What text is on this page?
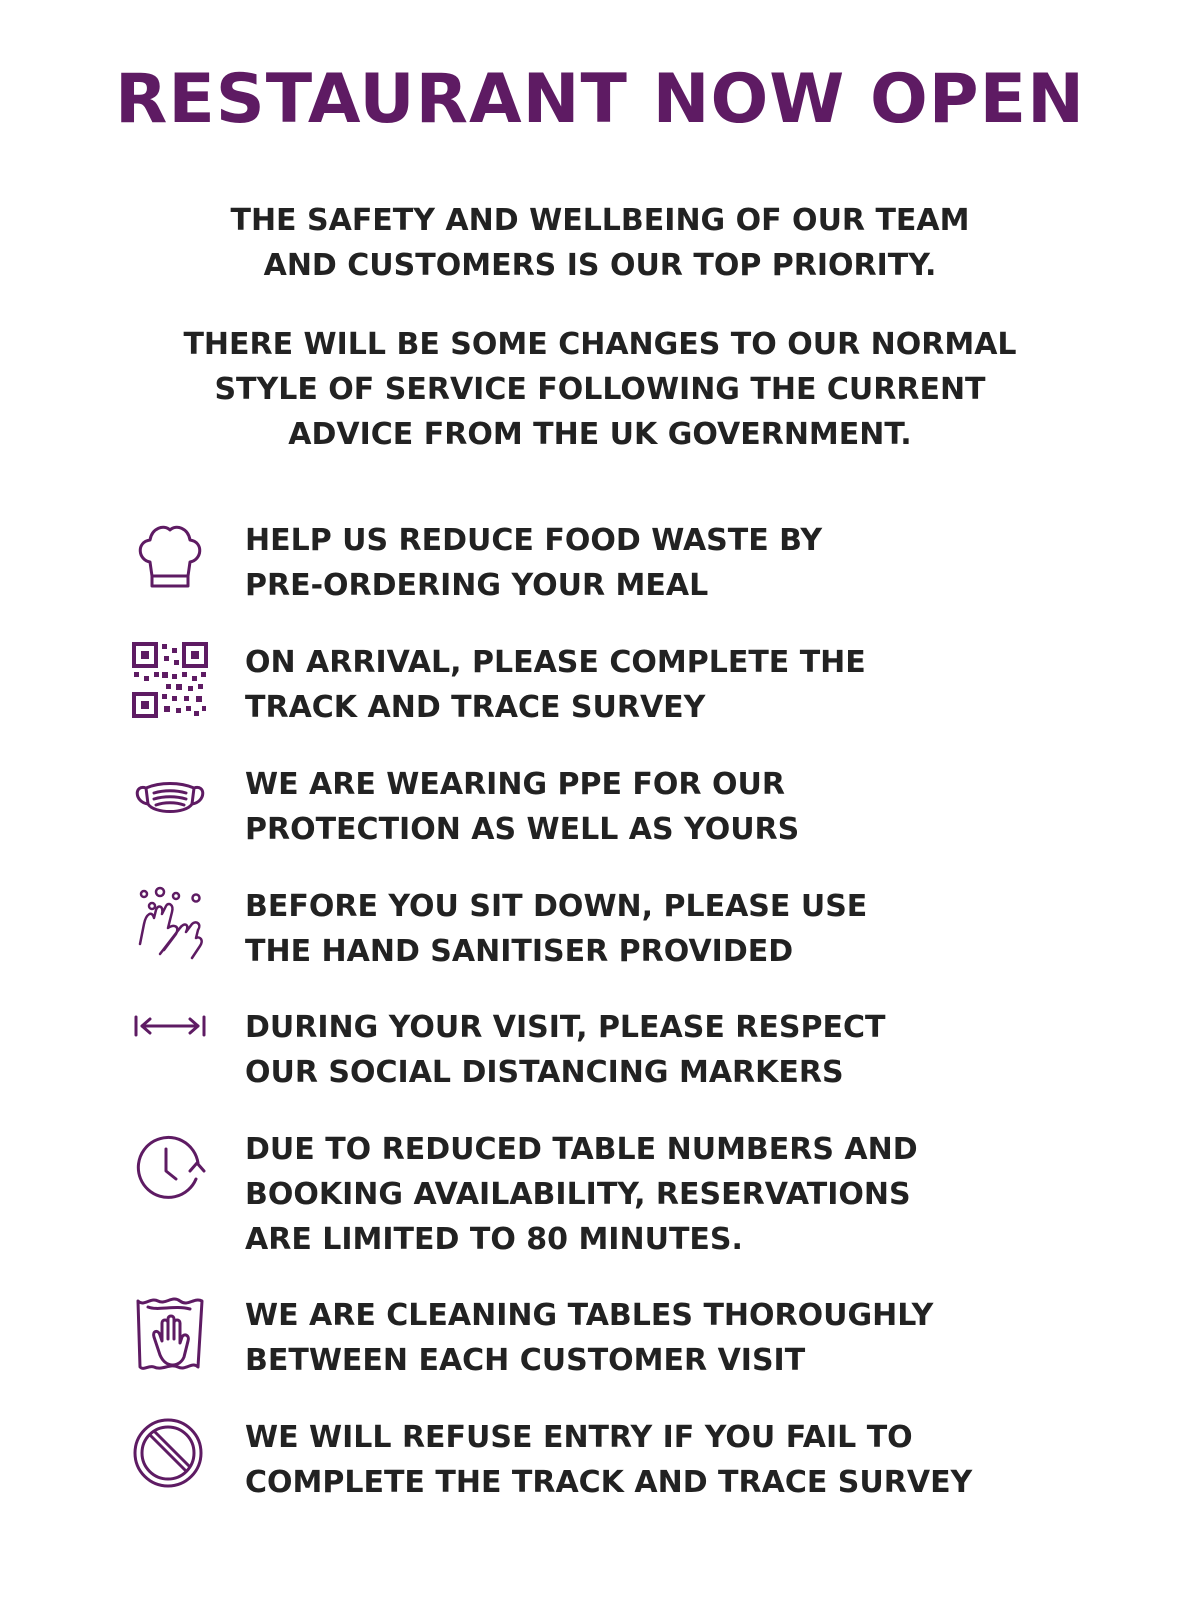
RESTAURANT NOW OPEN
THE SAFETY AND WELLBEING OF OUR TEAM
AND CUSTOMERS IS OUR TOP PRIORITY.
THERE WILL BE SOME CHANGES TO OUR NORMAL
STYLE OF SERVICE FOLLOWING THE CURRENT
ADVICE FROM THE UK GOVERNMENT.
HELP US REDUCE FOOD WASTE BY
PRE-ORDERING YOUR MEAL
ON ARRIVAL, PLEASE COMPLETE THE
TRACK AND TRACE SURVEY
WE ARE WEARING PPE FOR OUR
PROTECTION AS WELL AS YOURS
BEFORE YOU SIT DOWN, PLEASE USE
THE HAND SANITISER PROVIDED
DURING YOUR VISIT, PLEASE RESPECT
OUR SOCIAL DISTANCING MARKERS
DUE TO REDUCED TABLE NUMBERS AND
BOOKING AVAILABILITY, RESERVATIONS
ARE LIMITED TO 80 MINUTES.
WE ARE CLEANING TABLES THOROUGHLY
BETWEEN EACH CUSTOMER VISIT
WE WILL REFUSE ENTRY IF YOU FAIL TO
COMPLETE THE TRACK AND TRACE SURVEY
